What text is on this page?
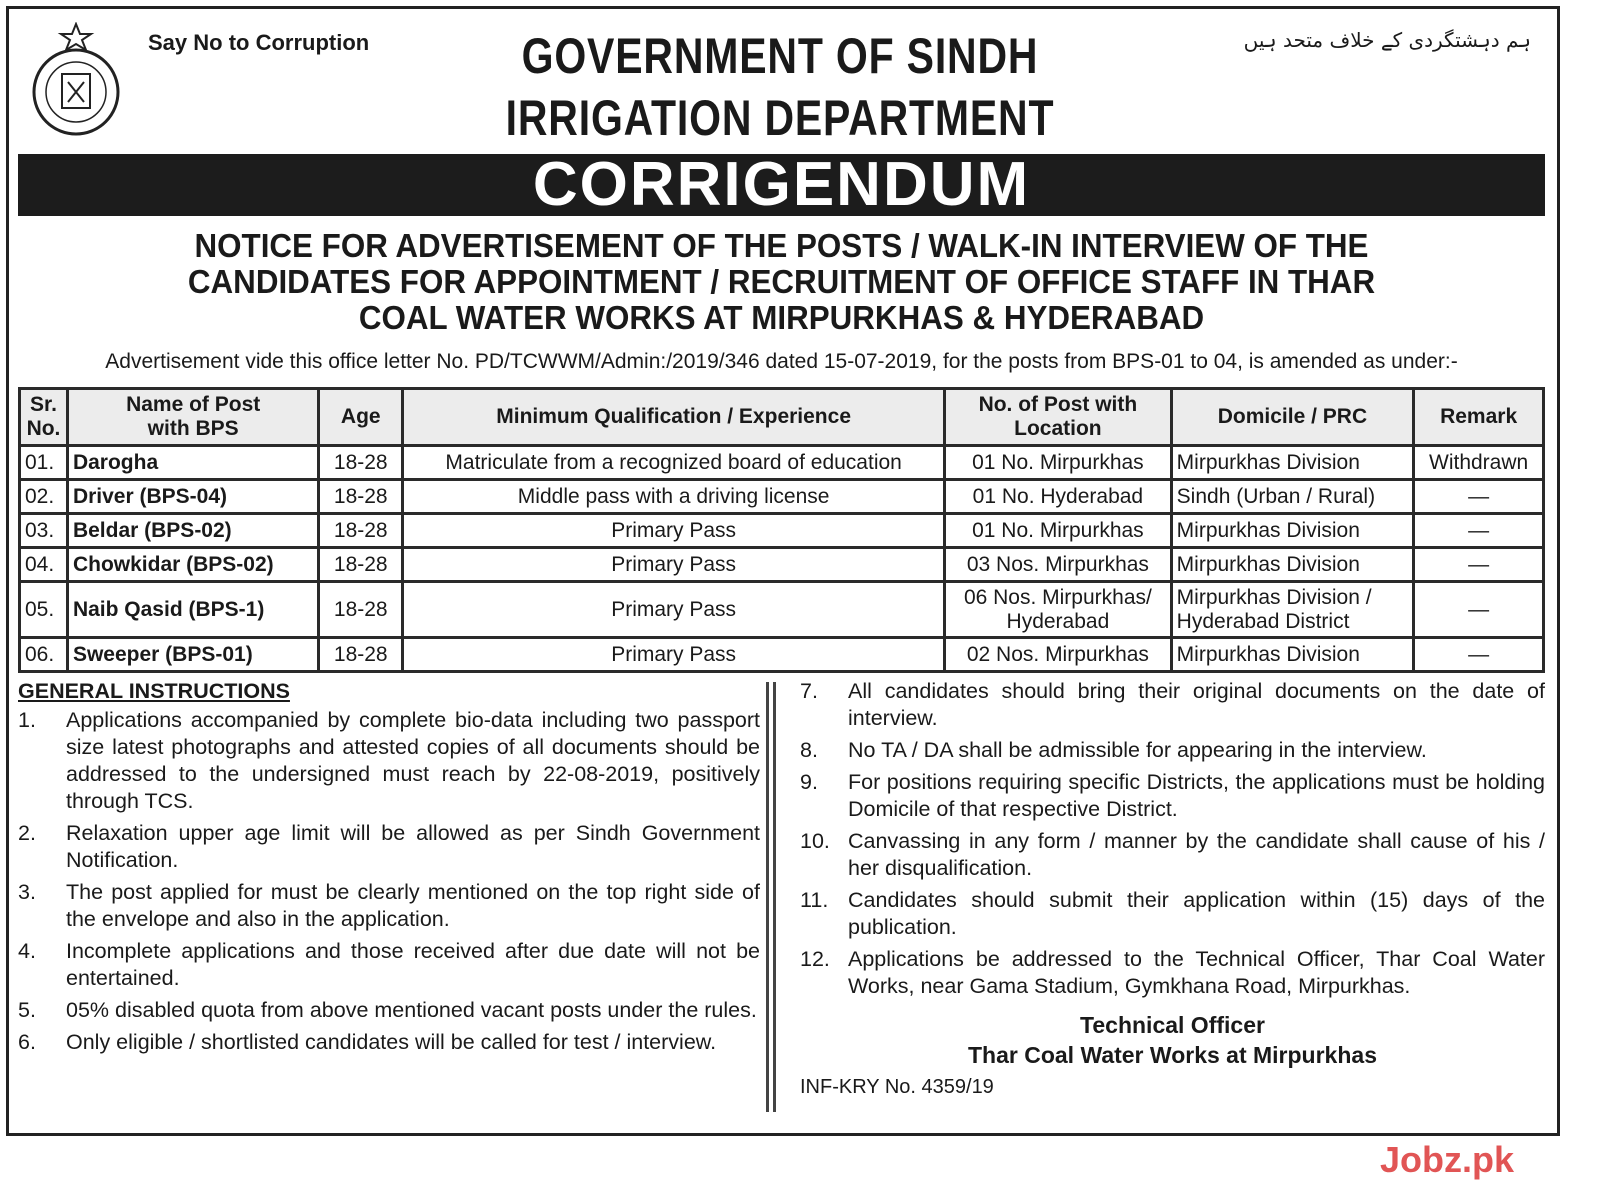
Say No to Corruption	ہم دہشتگردی کے خلاف متحد ہیں
GOVERNMENT OF SINDH
IRRIGATION DEPARTMENT
CORRIGENDUM
NOTICE FOR ADVERTISEMENT OF THE POSTS / WALK-IN INTERVIEW OF THE
CANDIDATES FOR APPOINTMENT / RECRUITMENT OF OFFICE STAFF IN THAR
COAL WATER WORKS AT MIRPURKHAS & HYDERABAD
Advertisement vide this office letter No. PD/TCWWM/Admin:/2019/346 dated 15-07-2019, for the posts from BPS-01 to 04, is amended as under:-
Sr. No.	Name of Post with BPS	Age	Minimum Qualification / Experience	No. of Post with Location	Domicile / PRC	Remark
01.	Darogha	18-28	Matriculate from a recognized board of education	01 No. Mirpurkhas	Mirpurkhas Division	Withdrawn
02.	Driver (BPS-04)	18-28	Middle pass with a driving license	01 No. Hyderabad	Sindh (Urban / Rural)	—
03.	Beldar (BPS-02)	18-28	Primary Pass	01 No. Mirpurkhas	Mirpurkhas Division	—
04.	Chowkidar (BPS-02)	18-28	Primary Pass	03 Nos. Mirpurkhas	Mirpurkhas Division	—
05.	Naib Qasid (BPS-1)	18-28	Primary Pass	06 Nos. Mirpurkhas/ Hyderabad	Mirpurkhas Division / Hyderabad District	—
06.	Sweeper (BPS-01)	18-28	Primary Pass	02 Nos. Mirpurkhas	Mirpurkhas Division	—
GENERAL INSTRUCTIONS
1.	Applications accompanied by complete bio-data including two passport size latest photographs and attested copies of all documents should be addressed to the undersigned must reach by 22-08-2019, positively through TCS.
2.	Relaxation upper age limit will be allowed as per Sindh Government Notification.
3.	The post applied for must be clearly mentioned on the top right side of the envelope and also in the application.
4.	Incomplete applications and those received after due date will not be entertained.
5.	05% disabled quota from above mentioned vacant posts under the rules.
6.	Only eligible / shortlisted candidates will be called for test / interview.
7.	All candidates should bring their original documents on the date of interview.
8.	No TA / DA shall be admissible for appearing in the interview.
9.	For positions requiring specific Districts, the applications must be holding Domicile of that respective District.
10. Canvassing in any form / manner by the candidate shall cause of his / her disqualification.
11. Candidates should submit their application within (15) days of the publication.
12. Applications be addressed to the Technical Officer, Thar Coal Water Works, near Gama Stadium, Gymkhana Road, Mirpurkhas.
Technical Officer
Thar Coal Water Works at Mirpurkhas
INF-KRY No. 4359/19
Jobz.pk
